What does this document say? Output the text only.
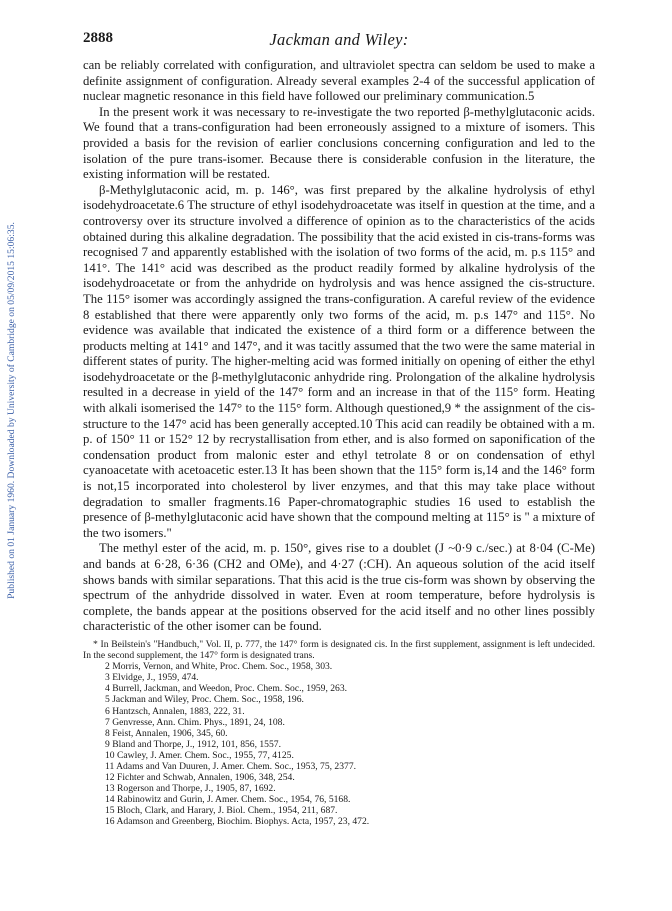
Published on 01 January 1960. Downloaded by University of Cambridge on 05/09/2015 15:06:35.
2888	Jackman and Wiley:

can be reliably correlated with configuration, and ultraviolet spectra can seldom be used to make a definite assignment of configuration. Already several examples 2-4 of the successful application of nuclear magnetic resonance in this field have followed our preliminary communication.5

In the present work it was necessary to re-investigate the two reported β-methylglutaconic acids. We found that a trans-configuration had been erroneously assigned to a mixture of isomers. This provided a basis for the revision of earlier conclusions concerning configuration and led to the isolation of the pure trans-isomer. Because there is considerable confusion in the literature, the existing information will be restated.

β-Methylglutaconic acid, m. p. 146°, was first prepared by the alkaline hydrolysis of ethyl isodehydroacetate.6 The structure of ethyl isodehydroacetate was itself in question at the time, and a controversy over its structure involved a difference of opinion as to the characteristics of the acids obtained during this alkaline degradation. The possibility that the acid existed in cis-trans-forms was recognised 7 and apparently established with the isolation of two forms of the acid, m. p.s 115° and 141°. The 141° acid was described as the product readily formed by alkaline hydrolysis of the isodehydroacetate or from the anhydride on hydrolysis and was hence assigned the cis-structure. The 115° isomer was accordingly assigned the trans-configuration. A careful review of the evidence 8 established that there were apparently only two forms of the acid, m. p.s 147° and 115°. No evidence was available that indicated the existence of a third form or a difference between the products melting at 141° and 147°, and it was tacitly assumed that the two were the same material in different states of purity. The higher-melting acid was formed initially on opening of either the ethyl isodehydroacetate or the β-methylglutaconic anhydride ring. Prolongation of the alkaline hydrolysis resulted in a decrease in yield of the 147° form and an increase in that of the 115° form. Heating with alkali isomerised the 147° to the 115° form. Although questioned,9 * the assignment of the cis-structure to the 147° acid has been generally accepted.10 This acid can readily be obtained with a m. p. of 150° 11 or 152° 12 by recrystallisation from ether, and is also formed on saponification of the condensation product from malonic ester and ethyl tetrolate 8 or on condensation of ethyl cyanoacetate with acetoacetic ester.13 It has been shown that the 115° form is,14 and the 146° form is not,15 incorporated into cholesterol by liver enzymes, and that this may take place without degradation to smaller fragments.16 Paper-chromatographic studies 16 used to establish the presence of β-methylglutaconic acid have shown that the compound melting at 115° is " a mixture of the two isomers."

The methyl ester of the acid, m. p. 150°, gives rise to a doublet (J ~0·9 c./sec.) at 8·04 (C-Me) and bands at 6·28, 6·36 (CH2 and OMe), and 4·27 (:CH). An aqueous solution of the acid itself shows bands with similar separations. That this acid is the true cis-form was shown by observing the spectrum of the anhydride dissolved in water. Even at room temperature, before hydrolysis is complete, the bands appear at the positions observed for the acid itself and no other lines possibly characteristic of the other isomer can be found.

* In Beilstein's "Handbuch," Vol. II, p. 777, the 147° form is designated cis. In the first supplement, assignment is left undecided. In the second supplement, the 147° form is designated trans.

2 Morris, Vernon, and White, Proc. Chem. Soc., 1958, 303.
3 Elvidge, J., 1959, 474.
4 Burrell, Jackman, and Weedon, Proc. Chem. Soc., 1959, 263.
5 Jackman and Wiley, Proc. Chem. Soc., 1958, 196.
6 Hantzsch, Annalen, 1883, 222, 31.
7 Genvresse, Ann. Chim. Phys., 1891, 24, 108.
8 Feist, Annalen, 1906, 345, 60.
9 Bland and Thorpe, J., 1912, 101, 856, 1557.
10 Cawley, J. Amer. Chem. Soc., 1955, 77, 4125.
11 Adams and Van Duuren, J. Amer. Chem. Soc., 1953, 75, 2377.
12 Fichter and Schwab, Annalen, 1906, 348, 254.
13 Rogerson and Thorpe, J., 1905, 87, 1692.
14 Rabinowitz and Gurin, J. Amer. Chem. Soc., 1954, 76, 5168.
15 Bloch, Clark, and Harary, J. Biol. Chem., 1954, 211, 687.
16 Adamson and Greenberg, Biochim. Biophys. Acta, 1957, 23, 472.
